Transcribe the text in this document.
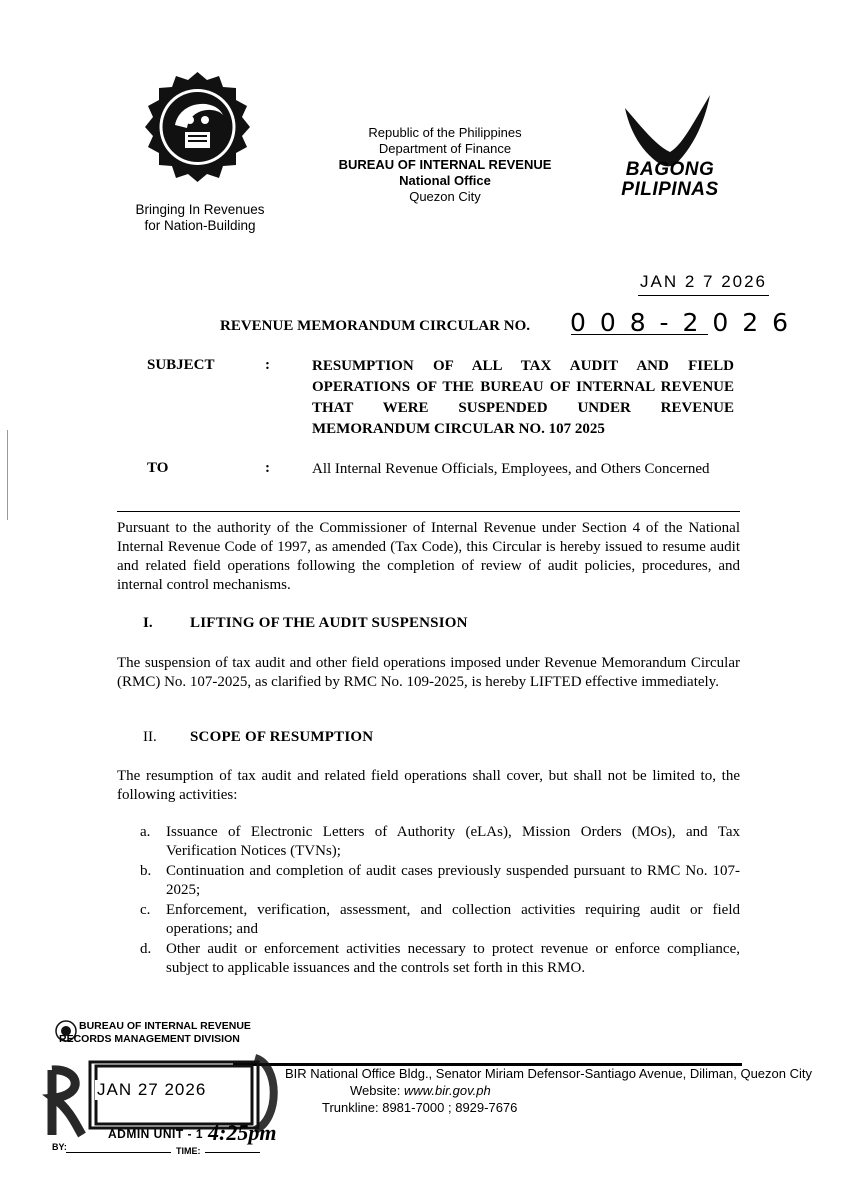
Bringing In Revenues
for Nation-Building
Republic of the Philippines
Department of Finance
BUREAU OF INTERNAL REVENUE
National Office
Quezon City
BAGONG
PILIPINAS
JAN 2 7 2026
REVENUE MEMORANDUM CIRCULAR NO. 0 0 8 - 2 0 2 6
SUBJECT	:	RESUMPTION OF ALL TAX AUDIT AND FIELD OPERATIONS OF THE BUREAU OF INTERNAL REVENUE THAT WERE SUSPENDED UNDER REVENUE MEMORANDUM CIRCULAR NO. 107 2025
TO	:	All Internal Revenue Officials, Employees, and Others Concerned
Pursuant to the authority of the Commissioner of Internal Revenue under Section 4 of the National Internal Revenue Code of 1997, as amended (Tax Code), this Circular is hereby issued to resume audit and related field operations following the completion of review of audit policies, procedures, and internal control mechanisms.
I. LIFTING OF THE AUDIT SUSPENSION
The suspension of tax audit and other field operations imposed under Revenue Memorandum Circular (RMC) No. 107-2025, as clarified by RMC No. 109-2025, is hereby LIFTED effective immediately.
II. SCOPE OF RESUMPTION
The resumption of tax audit and related field operations shall cover, but shall not be limited to, the following activities:
a. Issuance of Electronic Letters of Authority (eLAs), Mission Orders (MOs), and Tax Verification Notices (TVNs);
b. Continuation and completion of audit cases previously suspended pursuant to RMC No. 107-2025;
c. Enforcement, verification, assessment, and collection activities requiring audit or field operations; and
d. Other audit or enforcement activities necessary to protect revenue or enforce compliance, subject to applicable issuances and the controls set forth in this RMO.
BUREAU OF INTERNAL REVENUE
RECORDS MANAGEMENT DIVISION
BIR National Office Bldg., Senator Miriam Defensor-Santiago Avenue, Diliman, Quezon City
Website: www.bir.gov.ph
Trunkline: 8981-7000 ; 8929-7676
JAN 27 2026
ADMIN UNIT - 1 4:25pm
BY:	TIME:
